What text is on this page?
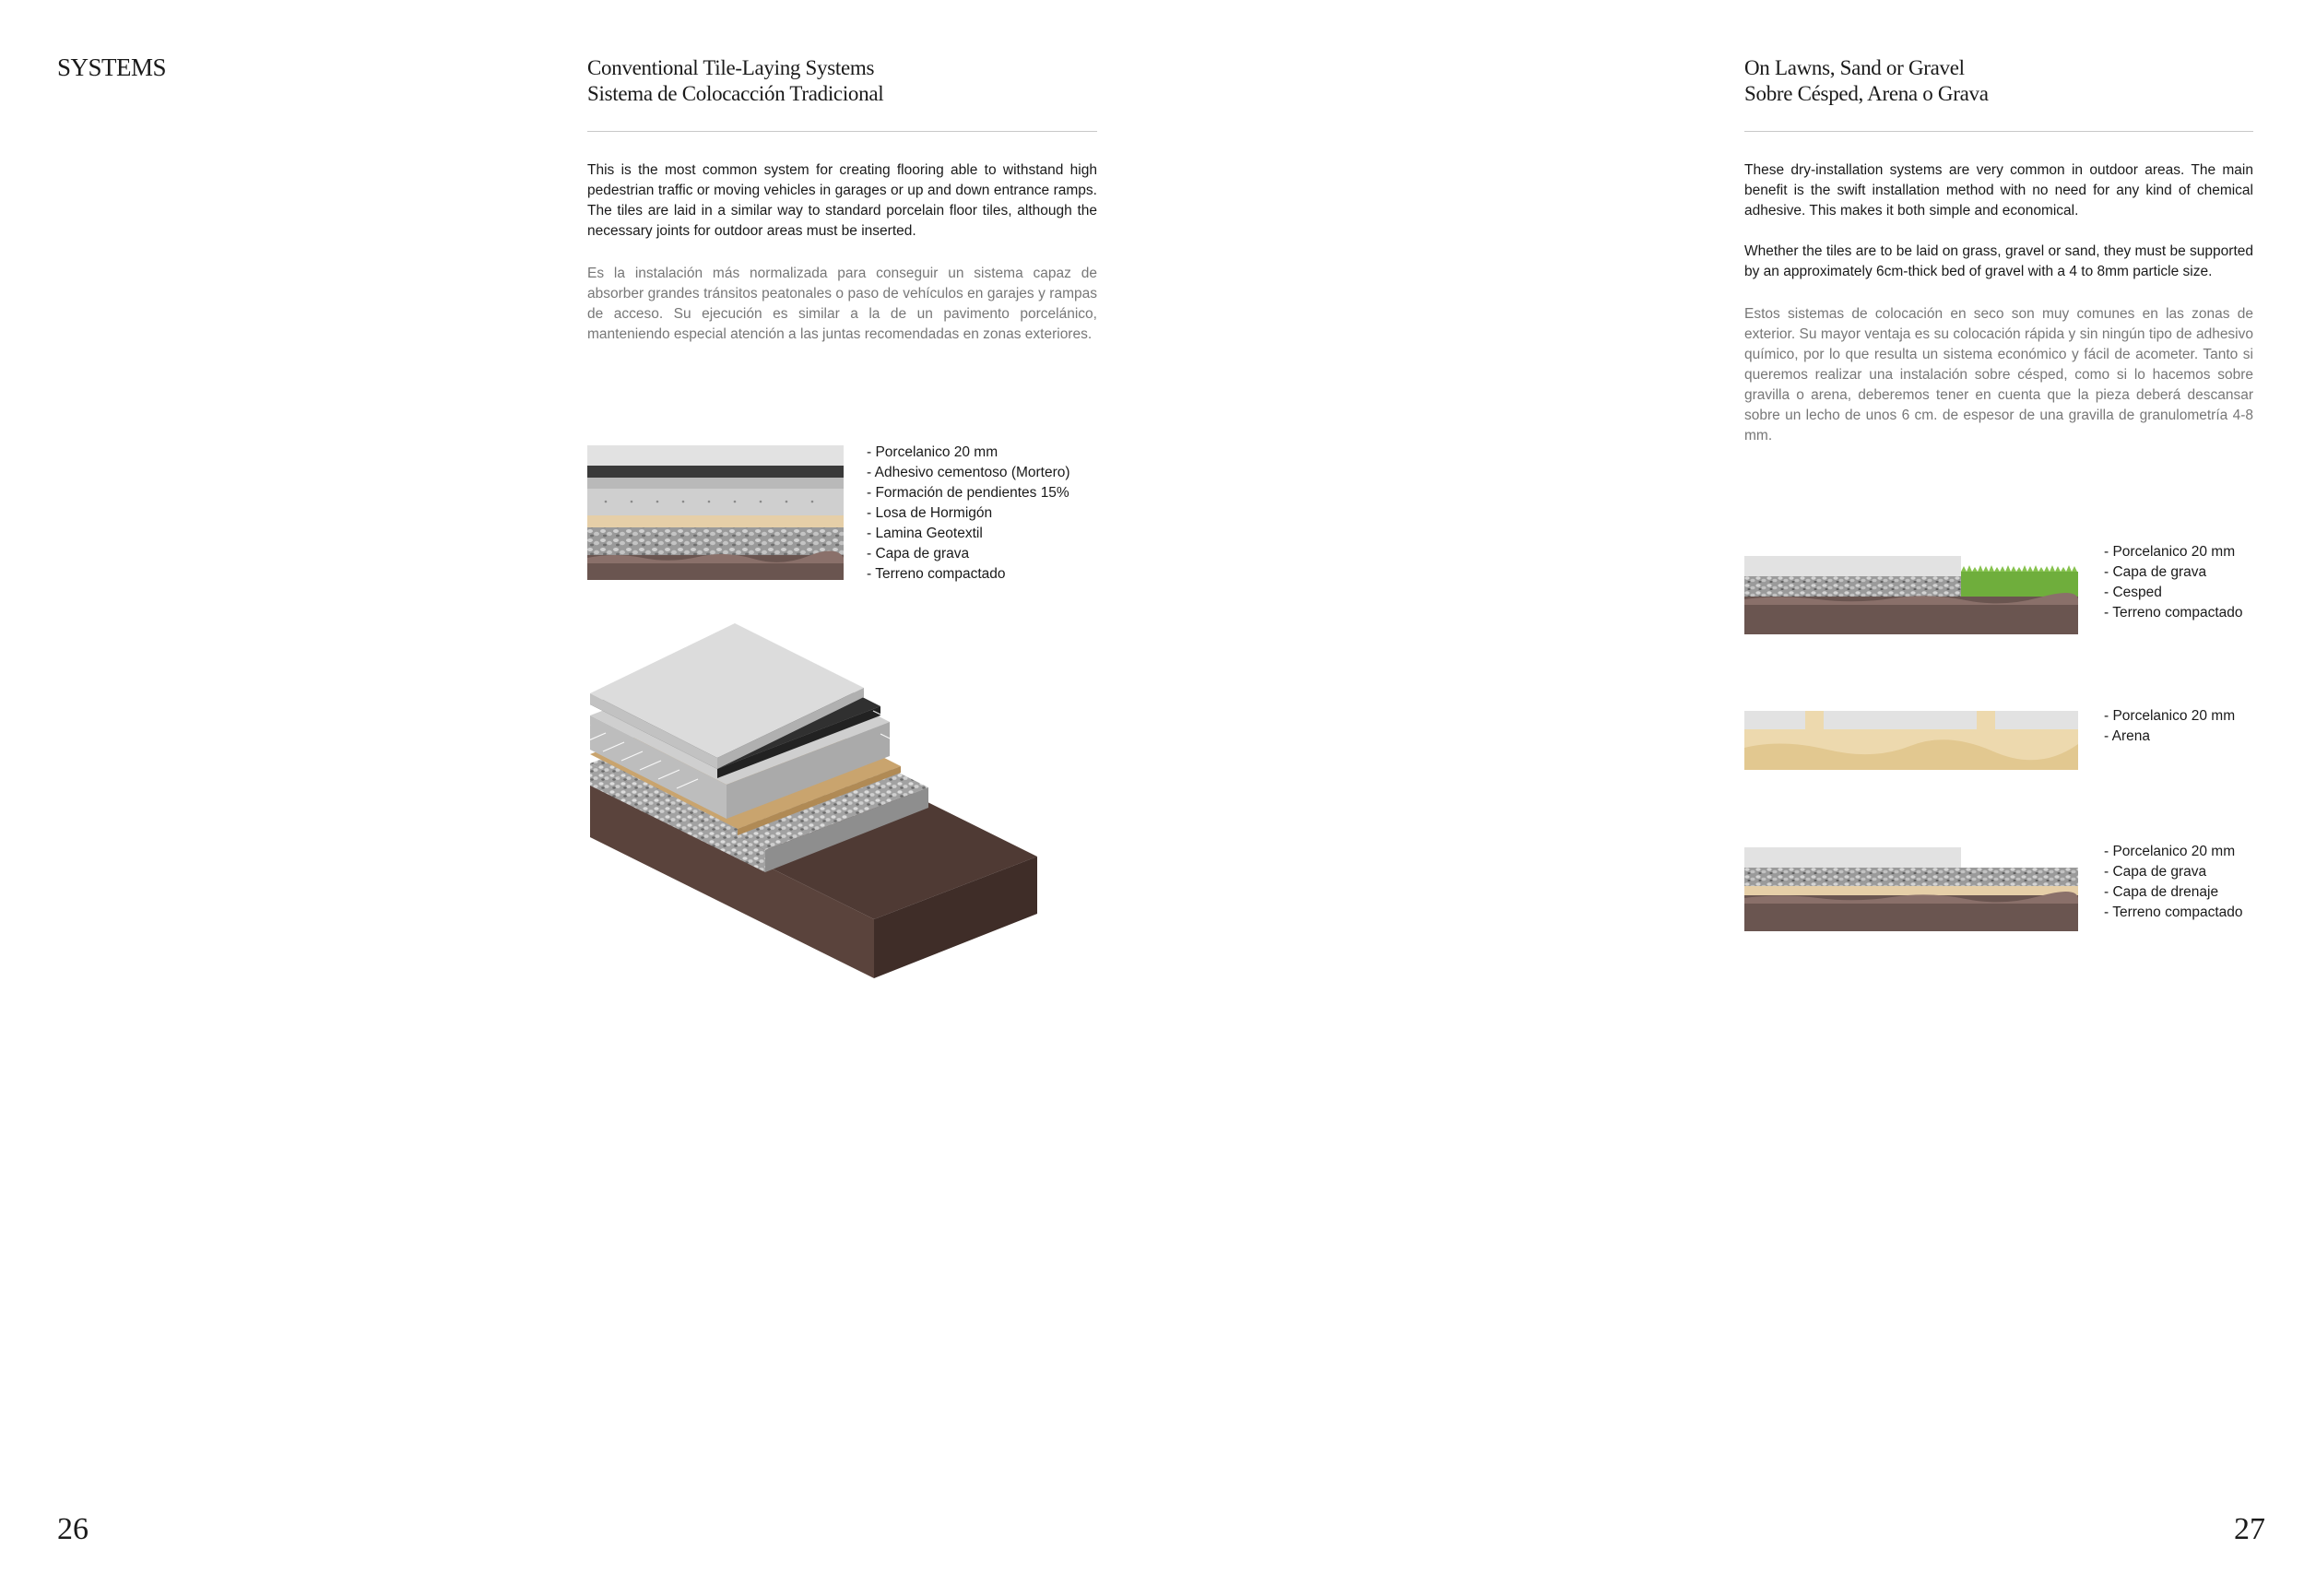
SYSTEMS
26	27
Conventional Tile-Laying Systems
Sistema de Colocacción Tradicional

This is the most common system for creating flooring able to withstand high pedestrian traffic or moving vehicles in garages or up and down entrance ramps. The tiles are laid in a similar way to standard porcelain floor tiles, although the necessary joints for outdoor areas must be inserted.

Es la instalación más normalizada para conseguir un sistema capaz de absorber grandes tránsitos peatonales o paso de vehículos en garajes y rampas de acceso. Su ejecución es similar a la de un pavimento porcelánico, manteniendo especial atención a las juntas recomendadas en zonas exteriores.

- Porcelanico 20 mm
- Adhesivo cementoso (Mortero)
- Formación de pendientes 15%
- Losa de Hormigón
- Lamina Geotextil
- Capa de grava
- Terreno compactado
On Lawns, Sand or Gravel
Sobre Césped, Arena o Grava

These dry-installation systems are very common in outdoor areas. The main benefit is the swift installation method with no need for any kind of chemical adhesive. This makes it both simple and economical.

Whether the tiles are to be laid on grass, gravel or sand, they must be supported by an approximately 6cm-thick bed of gravel with a 4 to 8mm particle size.

Estos sistemas de colocación en seco son muy comunes en las zonas de exterior. Su mayor ventaja es su colocación rápida y sin ningún tipo de adhesivo químico, por lo que resulta un sistema económico y fácil de acometer. Tanto si queremos realizar una instalación sobre césped, como si lo hacemos sobre gravilla o arena, deberemos tener en cuenta que la pieza deberá descansar sobre un lecho de unos 6 cm. de espesor de una gravilla de granulometría 4-8 mm.

- Porcelanico 20 mm
- Capa de grava
- Cesped
- Terreno compactado
- Porcelanico 20 mm
- Arena
- Porcelanico 20 mm
- Capa de grava
- Capa de drenaje
- Terreno compactado
